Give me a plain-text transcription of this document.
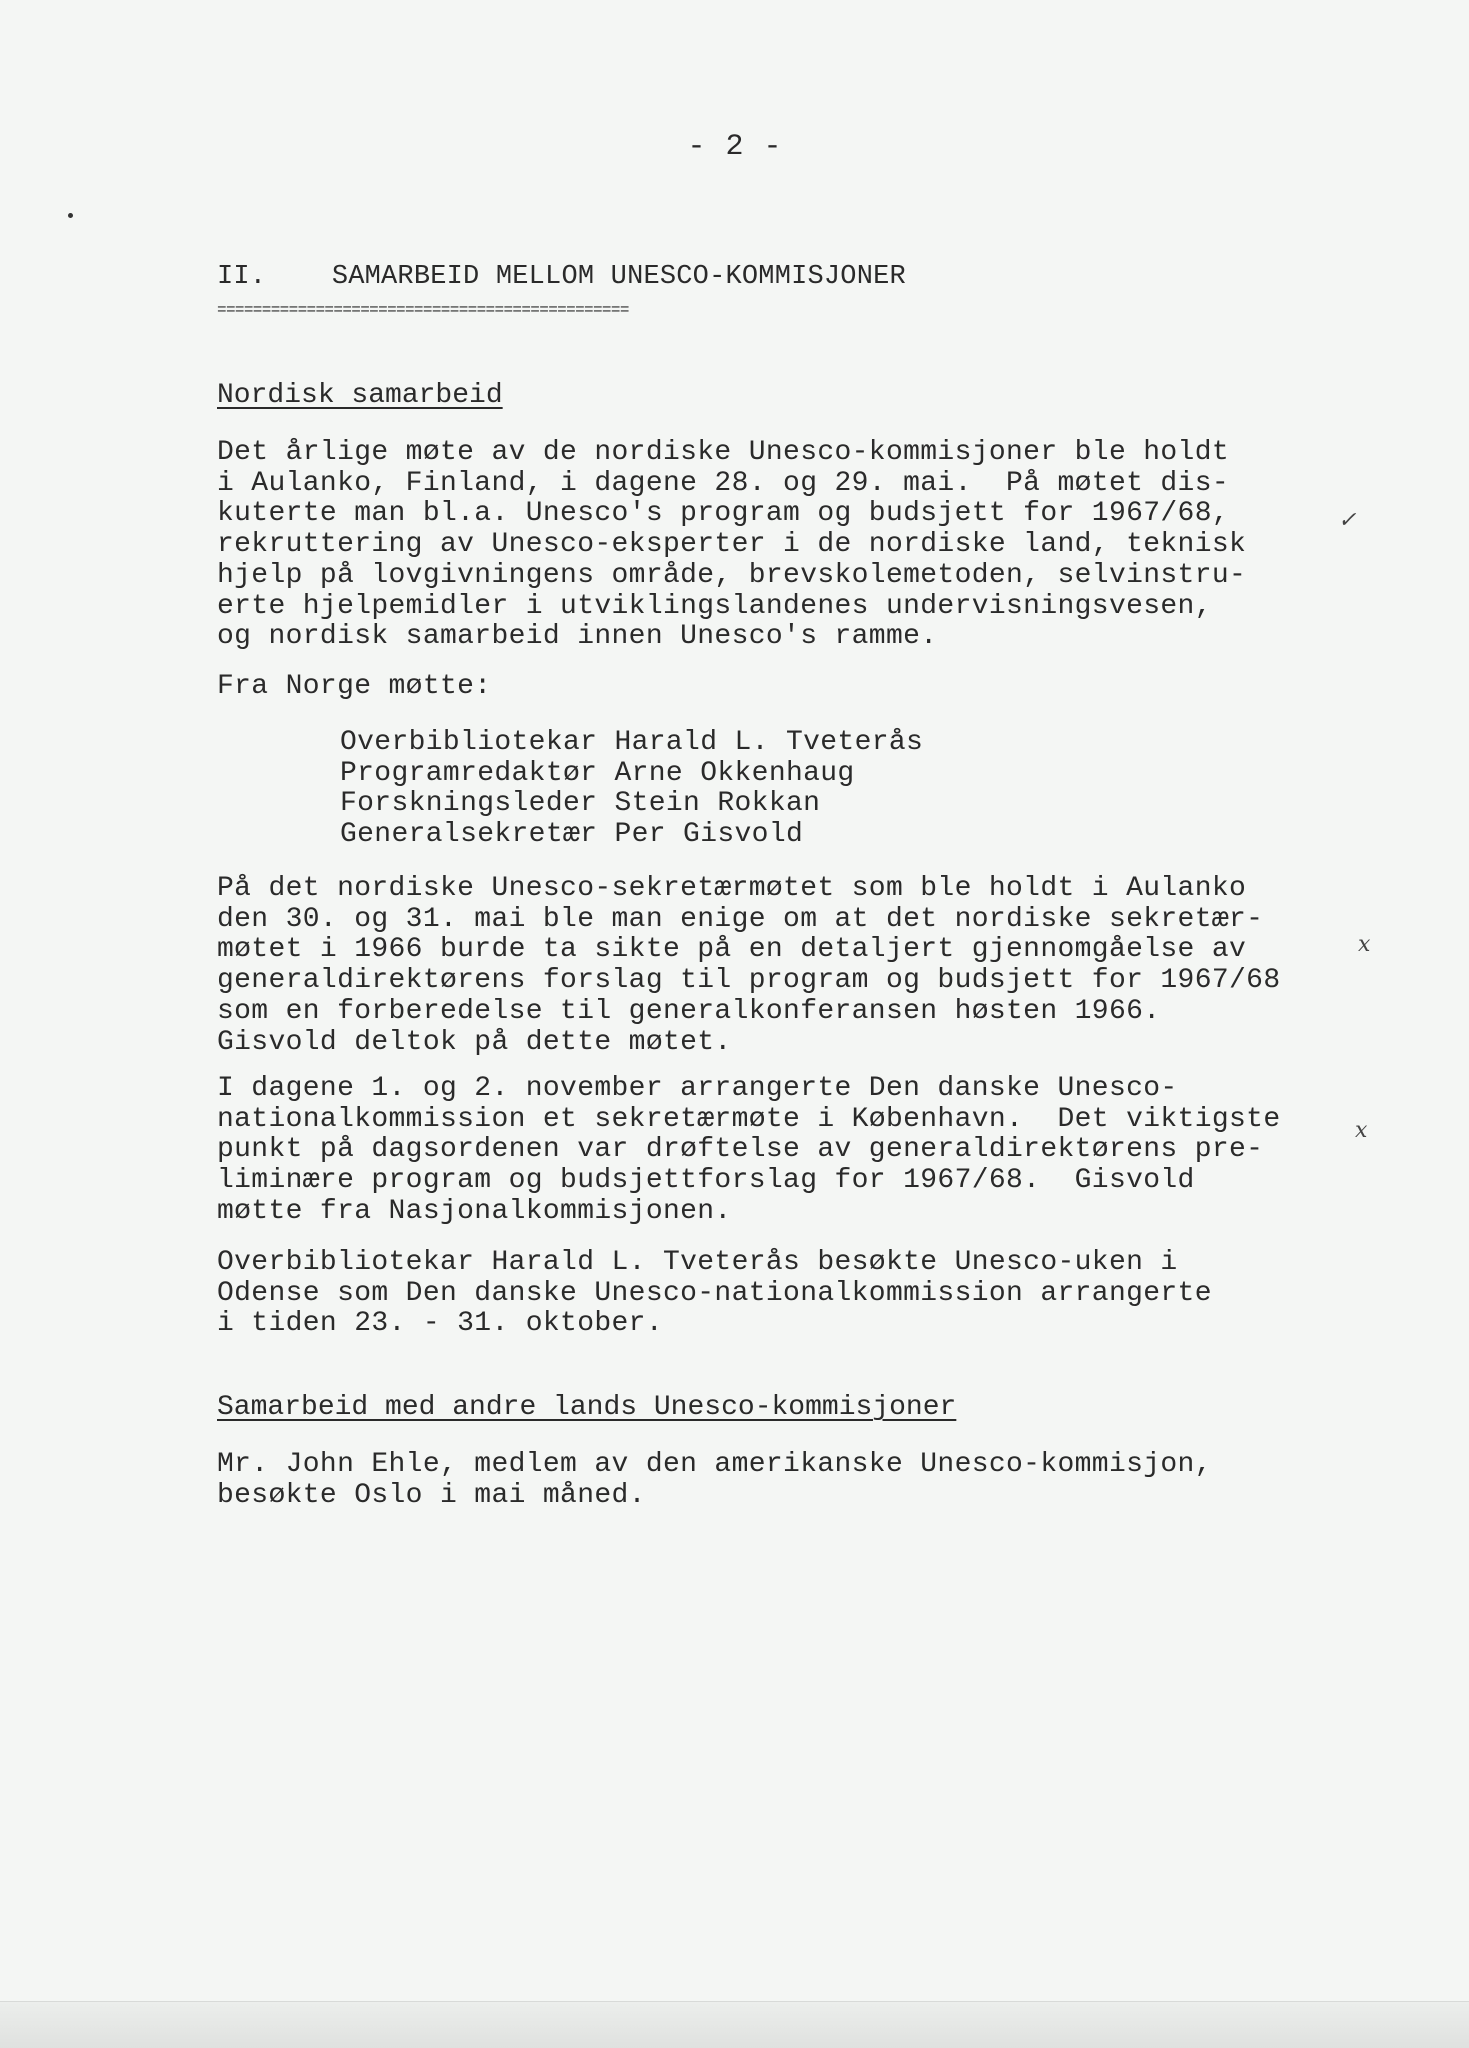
- 2 -
II.    SAMARBEID MELLOM UNESCO-KOMMISJONER
==============================================
Nordisk samarbeid
Det årlige møte av de nordiske Unesco-kommisjoner ble holdt
i Aulanko, Finland, i dagene 28. og 29. mai.  På møtet dis-
kuterte man bl.a. Unesco's program og budsjett for 1967/68,
rekruttering av Unesco-eksperter i de nordiske land, teknisk
hjelp på lovgivningens område, brevskolemetoden, selvinstru-
erte hjelpemidler i utviklingslandenes undervisningsvesen,
og nordisk samarbeid innen Unesco's ramme.
Fra Norge møtte:
Overbibliotekar Harald L. Tveterås
Programredaktør Arne Okkenhaug
Forskningsleder Stein Rokkan
Generalsekretær Per Gisvold
På det nordiske Unesco-sekretærmøtet som ble holdt i Aulanko
den 30. og 31. mai ble man enige om at det nordiske sekretær-
møtet i 1966 burde ta sikte på en detaljert gjennomgåelse av
generaldirektørens forslag til program og budsjett for 1967/68
som en forberedelse til generalkonferansen høsten 1966.
Gisvold deltok på dette møtet.
I dagene 1. og 2. november arrangerte Den danske Unesco-
nationalkommission et sekretærmøte i København.  Det viktigste
punkt på dagsordenen var drøftelse av generaldirektørens pre-
liminære program og budsjettforslag for 1967/68.  Gisvold
møtte fra Nasjonalkommisjonen.
Overbibliotekar Harald L. Tveterås besøkte Unesco-uken i
Odense som Den danske Unesco-nationalkommission arrangerte
i tiden 23. - 31. oktober.
Samarbeid med andre lands Unesco-kommisjoner
Mr. John Ehle, medlem av den amerikanske Unesco-kommisjon,
besøkte Oslo i mai måned.
✓
x
x
